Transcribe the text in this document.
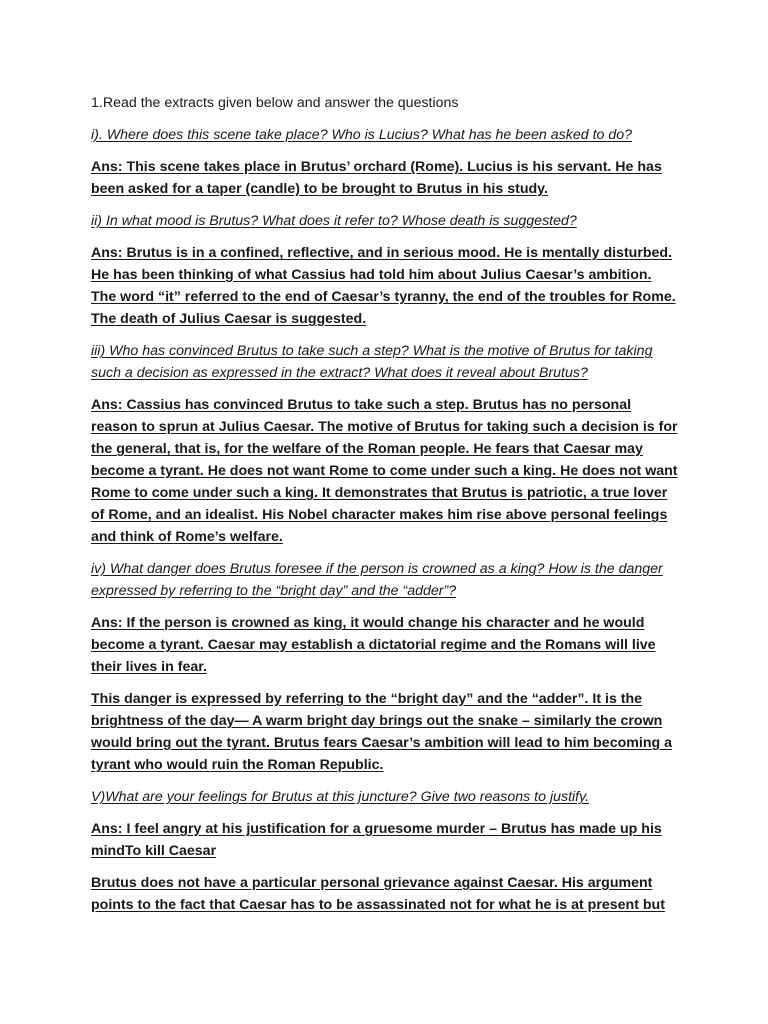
1.Read the extracts given below and answer the questions

i). Where does this scene take place? Who is Lucius? What has he been asked to do?

Ans: This scene takes place in Brutus’ orchard (Rome). Lucius is his servant. He has been asked for a taper (candle) to be brought to Brutus in his study.

ii) In what mood is Brutus? What does it refer to? Whose death is suggested?

Ans: Brutus is in a confined, reflective, and in serious mood. He is mentally disturbed. He has been thinking of what Cassius had told him about Julius Caesar’s ambition. The word “it” referred to the end of Caesar’s tyranny, the end of the troubles for Rome. The death of Julius Caesar is suggested.

iii) Who has convinced Brutus to take such a step? What is the motive of Brutus for taking such a decision as expressed in the extract? What does it reveal about Brutus?

Ans: Cassius has convinced Brutus to take such a step. Brutus has no personal reason to sprun at Julius Caesar. The motive of Brutus for taking such a decision is for the general, that is, for the welfare of the Roman people. He fears that Caesar may become a tyrant. He does not want Rome to come under such a king. He does not want Rome to come under such a king. It demonstrates that Brutus is patriotic, a true lover of Rome, and an idealist. His Nobel character makes him rise above personal feelings and think of Rome’s welfare.

iv) What danger does Brutus foresee if the person is crowned as a king? How is the danger expressed by referring to the “bright day” and the “adder”?

Ans: If the person is crowned as king, it would change his character and he would become a tyrant. Caesar may establish a dictatorial regime and the Romans will live their lives in fear.

This danger is expressed by referring to the “bright day” and the “adder”. It is the brightness of the day— A warm bright day brings out the snake – similarly the crown would bring out the tyrant. Brutus fears Caesar’s ambition will lead to him becoming a tyrant who would ruin the Roman Republic.

V)What are your feelings for Brutus at this juncture? Give two reasons to justify.

Ans: I feel angry at his justification for a gruesome murder – Brutus has made up his mindTo kill Caesar

Brutus does not have a particular personal grievance against Caesar. His argument points to the fact that Caesar has to be assassinated not for what he is at present but
